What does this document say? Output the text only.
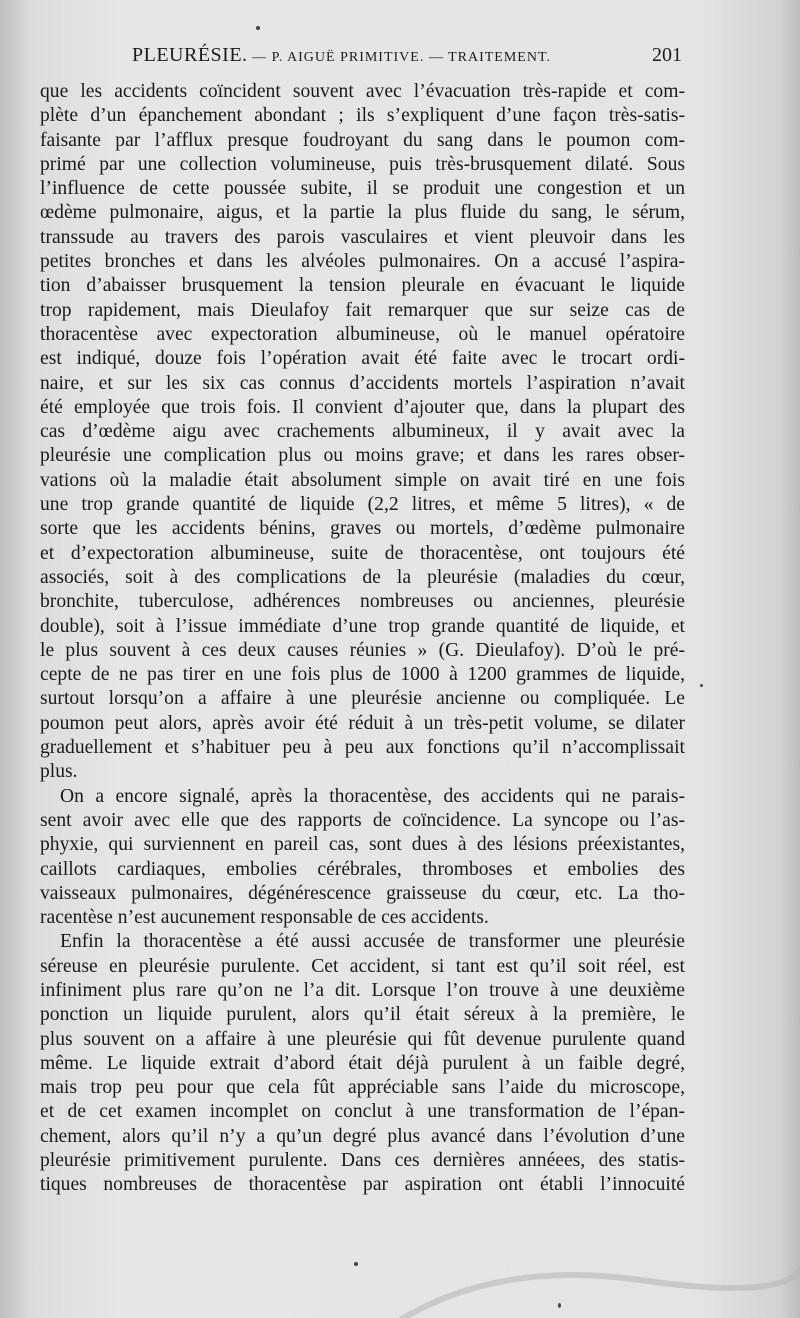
PLEURÉSIE. — P. AIGUË PRIMITIVE. — TRAITEMENT.	201
que les accidents coïncident souvent avec l’évacuation très-rapide et com-
plète d’un épanchement abondant ; ils s’expliquent d’une façon très-satis-
faisante par l’afflux presque foudroyant du sang dans le poumon com-
primé par une collection volumineuse, puis très-brusquement dilaté. Sous
l’influence de cette poussée subite, il se produit une congestion et un
œdème pulmonaire, aigus, et la partie la plus fluide du sang, le sérum,
transsude au travers des parois vasculaires et vient pleuvoir dans les
petites bronches et dans les alvéoles pulmonaires. On a accusé l’aspira-
tion d’abaisser brusquement la tension pleurale en évacuant le liquide
trop rapidement, mais Dieulafoy fait remarquer que sur seize cas de
thoracentèse avec expectoration albumineuse, où le manuel opératoire
est indiqué, douze fois l’opération avait été faite avec le trocart ordi-
naire, et sur les six cas connus d’accidents mortels l’aspiration n’avait
été employée que trois fois. Il convient d’ajouter que, dans la plupart des
cas d’œdème aigu avec crachements albumineux, il y avait avec la
pleurésie une complication plus ou moins grave; et dans les rares obser-
vations où la maladie était absolument simple on avait tiré en une fois
une trop grande quantité de liquide (2,2 litres, et même 5 litres), « de
sorte que les accidents bénins, graves ou mortels, d’œdème pulmonaire
et d’expectoration albumineuse, suite de thoracentèse, ont toujours été
associés, soit à des complications de la pleurésie (maladies du cœur,
bronchite, tuberculose, adhérences nombreuses ou anciennes, pleurésie
double), soit à l’issue immédiate d’une trop grande quantité de liquide, et
le plus souvent à ces deux causes réunies » (G. Dieulafoy). D’où le pré-
cepte de ne pas tirer en une fois plus de 1000 à 1200 grammes de liquide,
surtout lorsqu’on a affaire à une pleurésie ancienne ou compliquée. Le
poumon peut alors, après avoir été réduit à un très-petit volume, se dilater
graduellement et s’habituer peu à peu aux fonctions qu’il n’accomplissait
plus.
On a encore signalé, après la thoracentèse, des accidents qui ne parais-
sent avoir avec elle que des rapports de coïncidence. La syncope ou l’as-
phyxie, qui surviennent en pareil cas, sont dues à des lésions préexistantes,
caillots cardiaques, embolies cérébrales, thromboses et embolies des
vaisseaux pulmonaires, dégénérescence graisseuse du cœur, etc. La tho-
racentèse n’est aucunement responsable de ces accidents.
Enfin la thoracentèse a été aussi accusée de transformer une pleurésie
séreuse en pleurésie purulente. Cet accident, si tant est qu’il soit réel, est
infiniment plus rare qu’on ne l’a dit. Lorsque l’on trouve à une deuxième
ponction un liquide purulent, alors qu’il était séreux à la première, le
plus souvent on a affaire à une pleurésie qui fût devenue purulente quand
même. Le liquide extrait d’abord était déjà purulent à un faible degré,
mais trop peu pour que cela fût appréciable sans l’aide du microscope,
et de cet examen incomplet on conclut à une transformation de l’épan-
chement, alors qu’il n’y a qu’un degré plus avancé dans l’évolution d’une
pleurésie primitivement purulente. Dans ces dernières annéees, des statis-
tiques nombreuses de thoracentèse par aspiration ont établi l’innocuité
